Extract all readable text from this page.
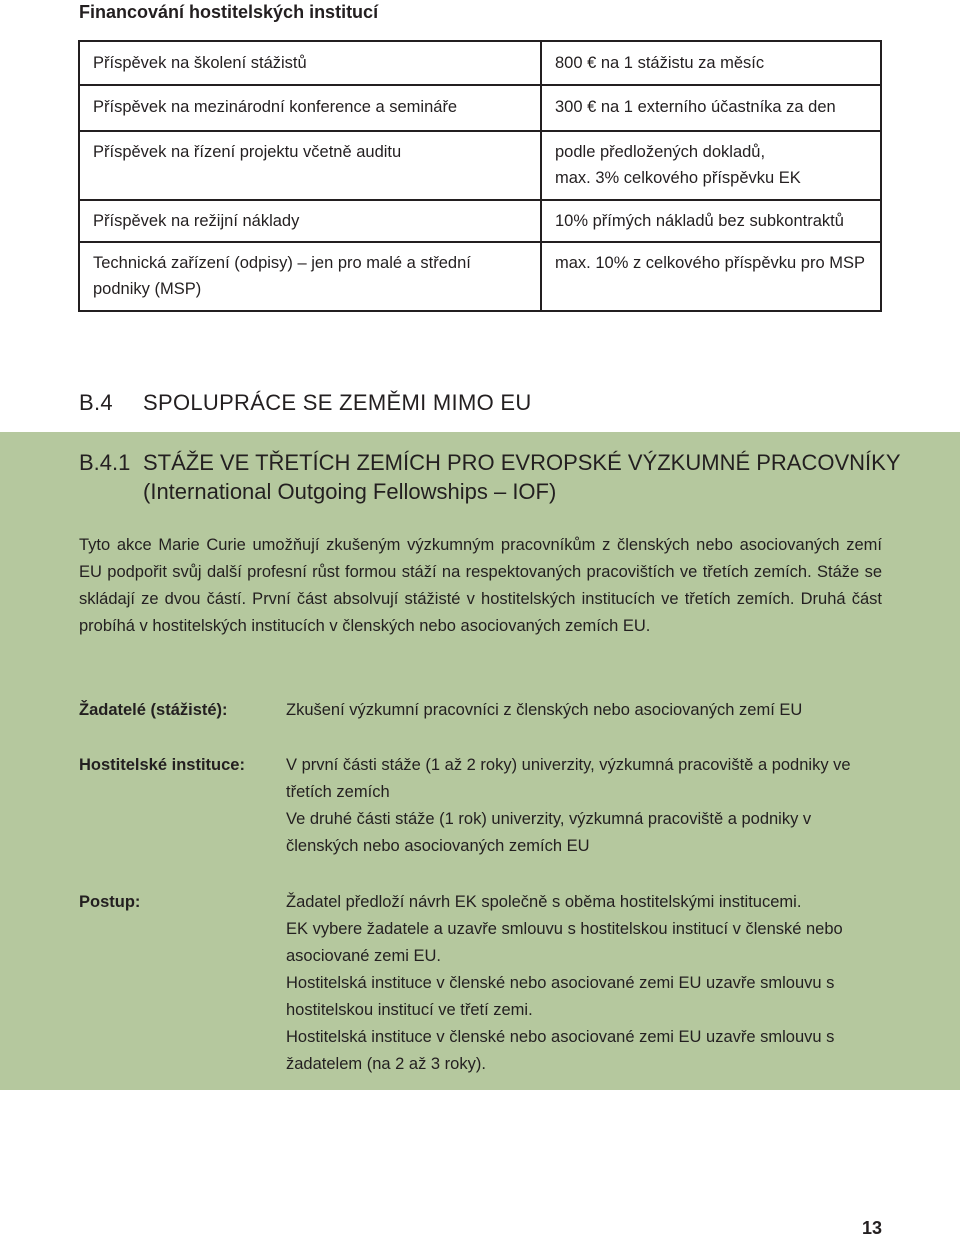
Financování hostitelských institucí
Příspěvek na školení stážistů	800 € na 1 stážistu za měsíc

Příspěvek na mezinárodní konference a semináře	300 € na 1 externího účastníka za den

Příspěvek na řízení projektu včetně auditu	podle předložených dokladů,
max. 3% celkového příspěvku EK

Příspěvek na režijní náklady	10% přímých nákladů bez subkontraktů

Technická zařízení (odpisy) – jen pro malé a střední
podniky (MSP)	max. 10% z celkového příspěvku pro MSP
B.4 SPOLUPRÁCE SE ZEMĚMI MIMO EU
B.4.1 STÁŽE VE TŘETÍCH ZEMÍCH PRO EVROPSKÉ VÝZKUMNÉ PRACOVNÍKY (International Outgoing Fellowships – IOF)

Tyto akce Marie Curie umožňují zkušeným výzkumným pracovníkům z členských nebo asociovaných zemí EU podpořit svůj další profesní růst formou stáží na respektovaných pracovištích ve třetích zemích. Stáže se skládají ze dvou částí. První část absolvují stážisté v hostitelských institucích ve třetích zemích. Druhá část probíhá v hostitelských institucích v členských nebo asociovaných zemích EU.

Žadatelé (stážisté):	Zkušení výzkumní pracovníci z členských nebo asociovaných zemí EU
Hostitelské instituce: V první části stáže (1 až 2 roky) univerzity, výzkumná pracoviště a podniky ve třetích zemích
Ve druhé části stáže (1 rok) univerzity, výzkumná pracoviště a podniky v členských nebo asociovaných zemích EU
Postup:	Žadatel předloží návrh EK společně s oběma hostitelskými institucemi.
EK vybere žadatele a uzavře smlouvu s hostitelskou institucí v členské nebo asociované zemi EU.
Hostitelská instituce v členské nebo asociované zemi EU uzavře smlouvu s hostitelskou institucí ve třetí zemi.
Hostitelská instituce v členské nebo asociované zemi EU uzavře smlouvu s žadatelem (na 2 až 3 roky).
13
